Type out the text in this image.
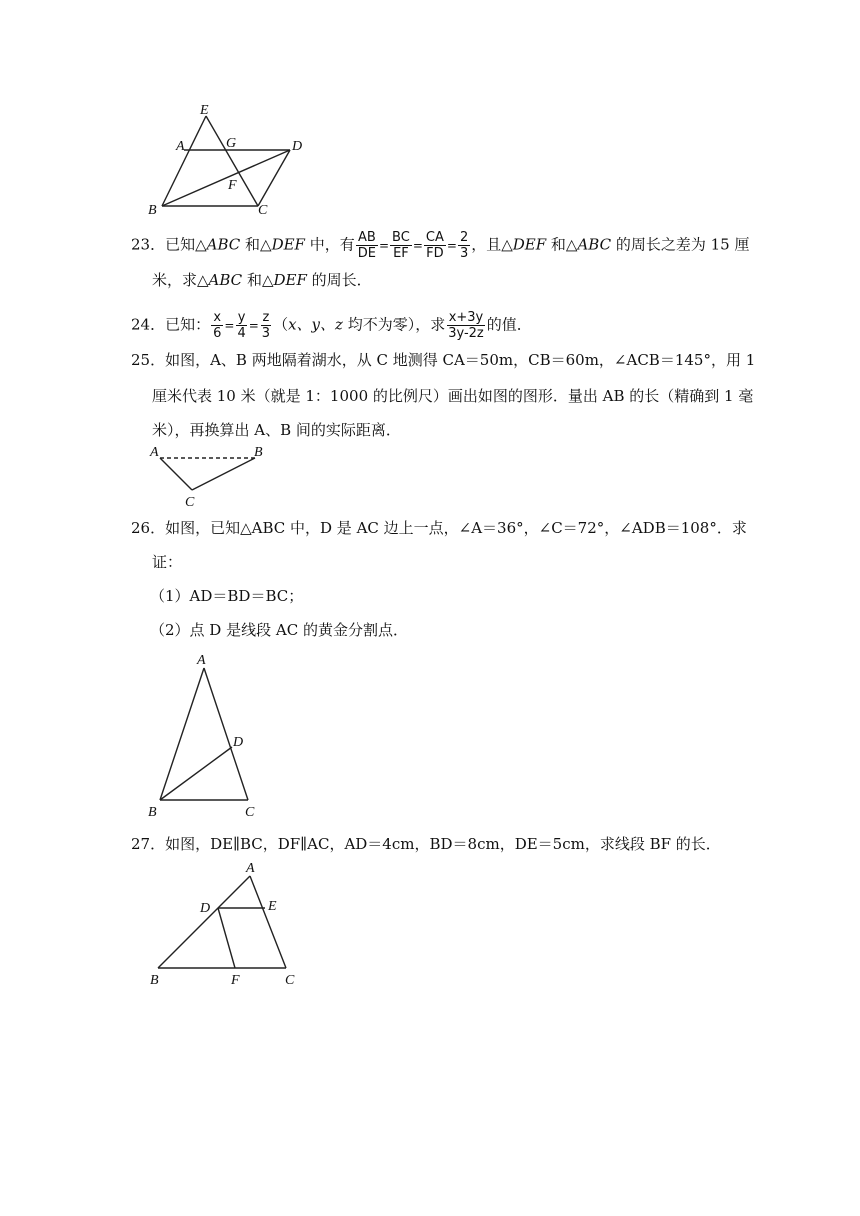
E
A	G	D
F
B	C
23．已知△ABC 和△DEF 中，有 $\frac{AB}{DE} = \frac{BC}{EF} = \frac{CA}{FD} = \frac{2}{3}$ ，且△DEF 和△ABC 的周长之差为 15 厘
米，求△ABC 和△DEF 的周长．
24．已知： $\frac{x}{6} = \frac{y}{4} = \frac{z}{3} (x$、y、z 均不为零），求 $\frac{x+3y}{3y-2z}$ 的值．
25．如图，A、B 两地隔着湖水，从 C 地测得 CA＝50m，CB＝60m，∠ACB＝145°，用 1
厘米代表 10 米（就是 1：1000 的比例尺）画出如图的图形．量出 AB 的长（精确到 1 毫
米），再换算出 A、B 间的实际距离．
A	B
C
26．如图，已知△ABC 中，D 是 AC 边上一点，∠A＝36°，∠C＝72°，∠ADB＝108°．求
证：
（1）AD＝BD＝BC；
（2）点 D 是线段 AC 的黄金分割点．
A
D
B	C
27．如图，DE∥BC，DF∥AC，AD＝4cm，BD＝8cm，DE＝5cm，求线段 BF 的长．
A
D	E
B	F	C
